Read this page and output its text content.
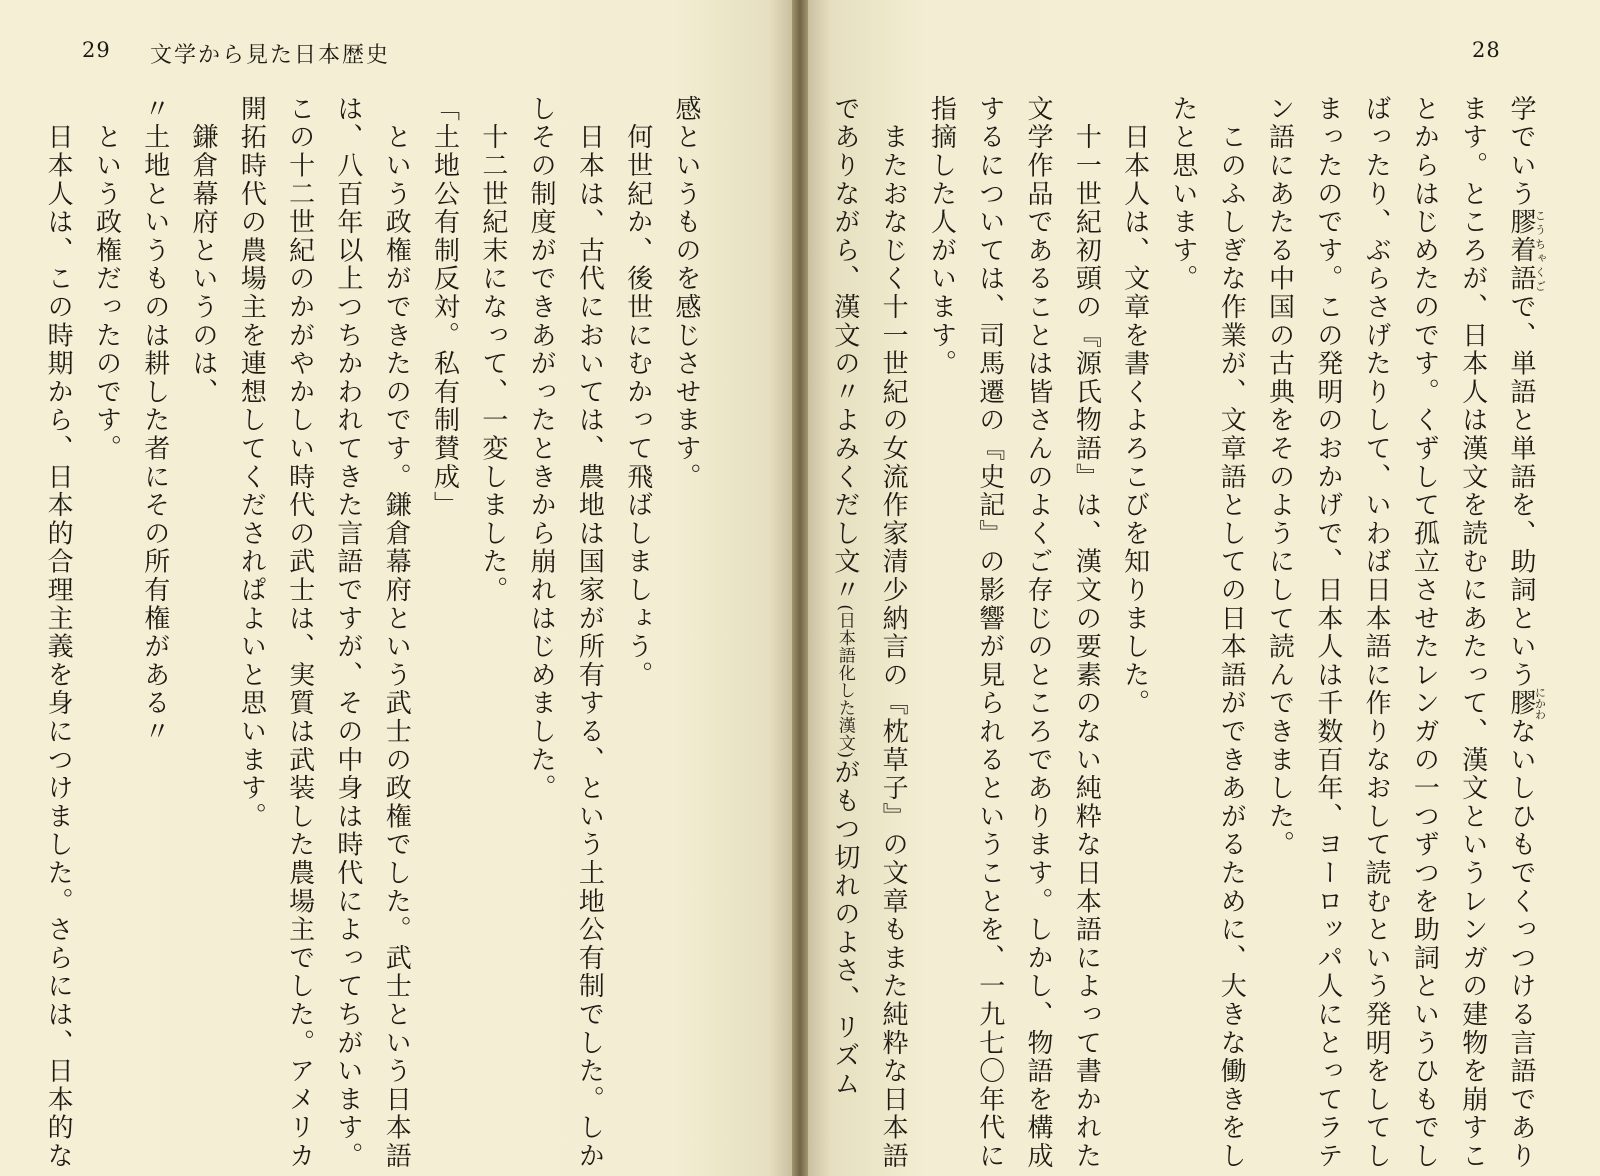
29 文学から見た日本歴史
感というものを感じさせます。
　何世紀か、後世にむかって飛ばしましょう。
　日本は、古代においては、農地は国家が所有する、という土地公有制でした。しか
しその制度ができあがったときから崩れはじめました。
　十二世紀末になって、一変しました。
「土地公有制反対。私有制賛成」
　という政権ができたのです。鎌倉幕府という武士の政権でした。武士という日本語
は、八百年以上つちかわれてきた言語ですが、その中身は時代によってちがいます。
この十二世紀のかがやかしい時代の武士は、実質は武装した農場主でした。アメリカ
開拓時代の農場主を連想してくだされぱよいと思います。
　鎌倉幕府というのは、
〃土地というものは耕した者にその所有権がある〃
　という政権だったのです。
　日本人は、この時期から、日本的合理主義を身につけました。さらには、日本的な
28
学でいう膠着語こうちゃくごで、単語と単語を、助詞という膠にかわないしひもでくっつける言語であり
ます。ところが、日本人は漢文を読むにあたって、漢文というレンガの建物を崩すこ
とからはじめたのです。くずして孤立させたレンガの一つずつを助詞というひもでし
ばったり、ぶらさげたりして、いわば日本語に作りなおして読むという発明をしてし
まったのです。この発明のおかげで、日本人は千数百年、ヨーロッパ人にとってラテ
ン語にあたる中国の古典をそのようにして読んできました。
　このふしぎな作業が、文章語としての日本語ができあがるために、大きな働きをし
たと思います。
　日本人は、文章を書くよろこびを知りました。
　十一世紀初頭の『源氏物語』は、漢文の要素のない純粋な日本語によって書かれた
文学作品であることは皆さんのよくご存じのところであります。しかし、物語を構成
するについては、司馬遷の『史記』の影響が見られるということを、一九七〇年代に
指摘した人がいます。
　またおなじく十一世紀の女流作家清少納言の『枕草子』の文章もまた純粋な日本語
でありながら、漢文の〃よみくだし文〃(日本語化した漢文)がもつ切れのよさ、リズム
